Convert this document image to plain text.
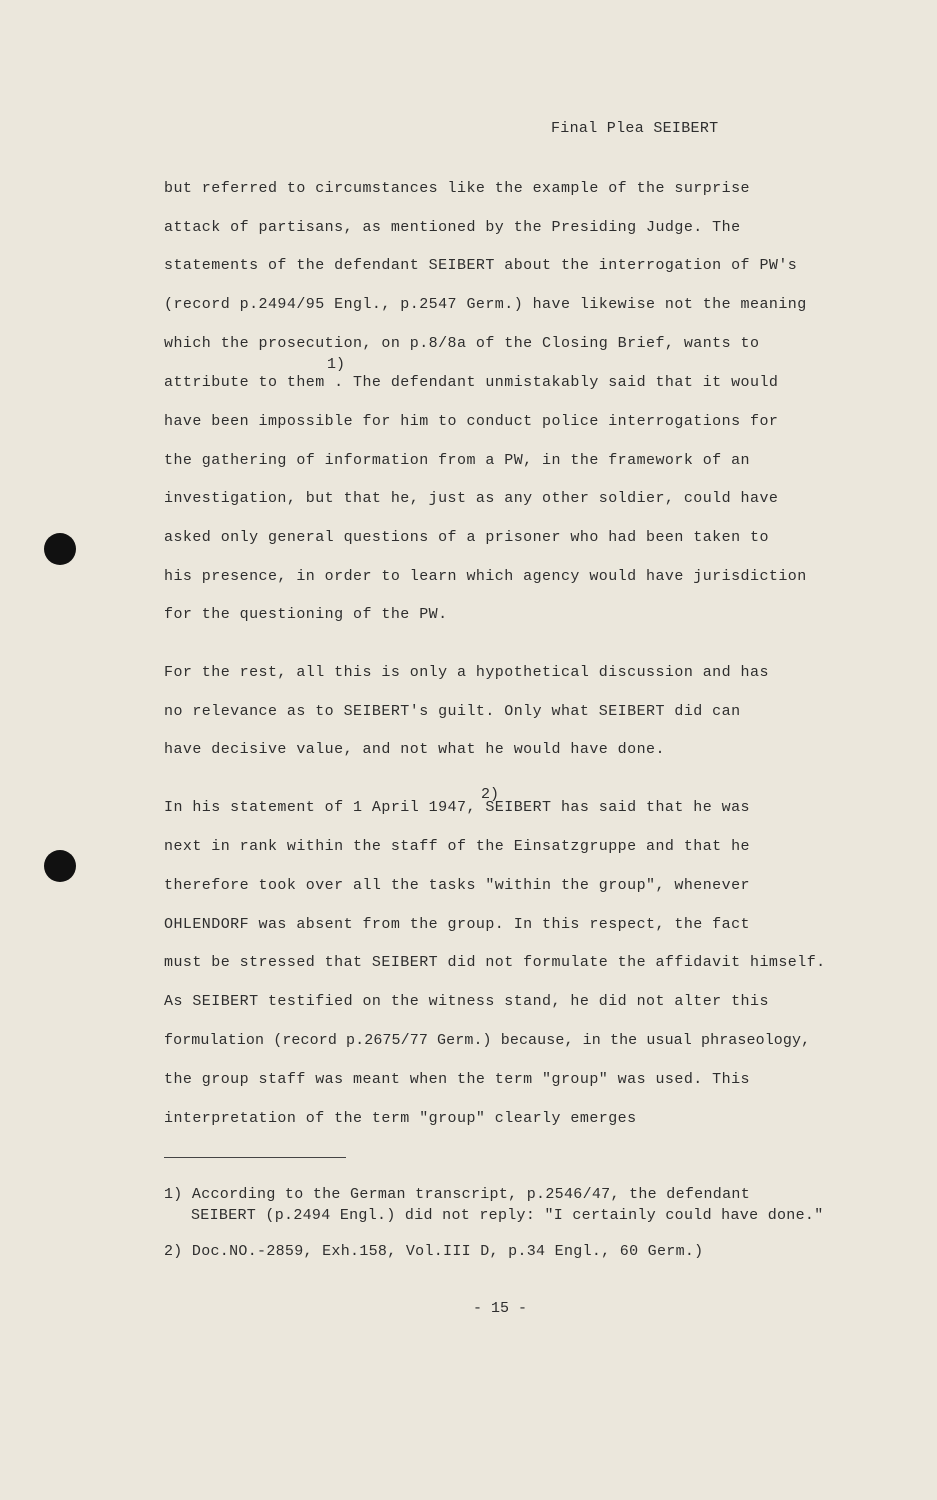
Final Plea SEIBERT
but referred to circumstances like the example of the surprise
attack of partisans, as mentioned by the Presiding Judge. The
statements of the defendant SEIBERT about the interrogation of PW's
(record p.2494/95 Engl., p.2547 Germ.) have likewise not the meaning
which the prosecution, on p.8/8a of the Closing Brief, wants to
1)
attribute to them . The defendant unmistakably said that it would
have been impossible for him to conduct police interrogations for
the gathering of information from a PW, in the framework of an
investigation, but that he, just as any other soldier, could have
asked only general questions of a prisoner who had been taken to
his presence, in order to learn which agency would have jurisdiction
for the questioning of the PW.
For the rest, all this is only a hypothetical discussion and has
no relevance as to SEIBERT's guilt. Only what SEIBERT did can
have decisive value, and not what he would have done.
2)
In his statement of 1 April 1947, SEIBERT has said that he was
next in rank within the staff of the Einsatzgruppe and that he
therefore took over all the tasks "within the group", whenever
OHLENDORF was absent from the group. In this respect, the fact
must be stressed that SEIBERT did not formulate the affidavit himself.
As SEIBERT testified on the witness stand, he did not alter this
formulation (record p.2675/77 Germ.) because, in the usual phraseology,
the group staff was meant when the term "group" was used. This
interpretation of the term "group" clearly emerges
1) According to the German transcript, p.2546/47, the defendant
SEIBERT (p.2494 Engl.) did not reply: "I certainly could have done."
2) Doc.NO.-2859, Exh.158, Vol.III D, p.34 Engl., 60 Germ.)
- 15 -
